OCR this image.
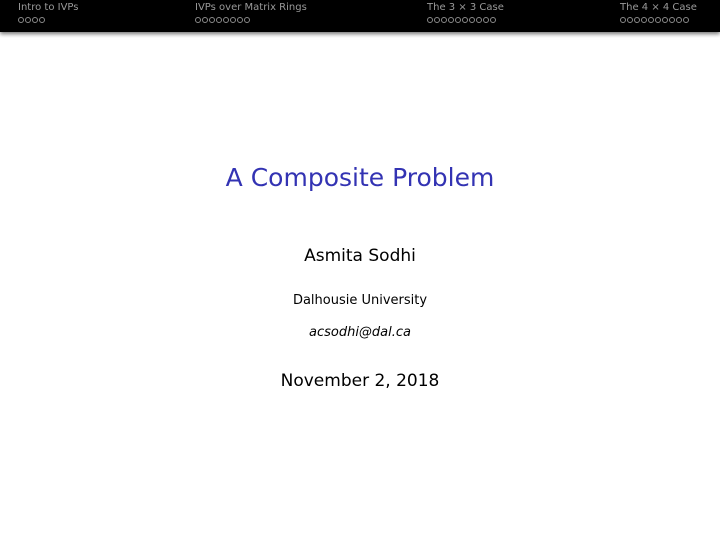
Intro to IVPs	IVPs over Matrix Rings	The 3 × 3 Case	The 4 × 4 Case
A Composite Problem
Asmita Sodhi
Dalhousie University
acsodhi@dal.ca
November 2, 2018
